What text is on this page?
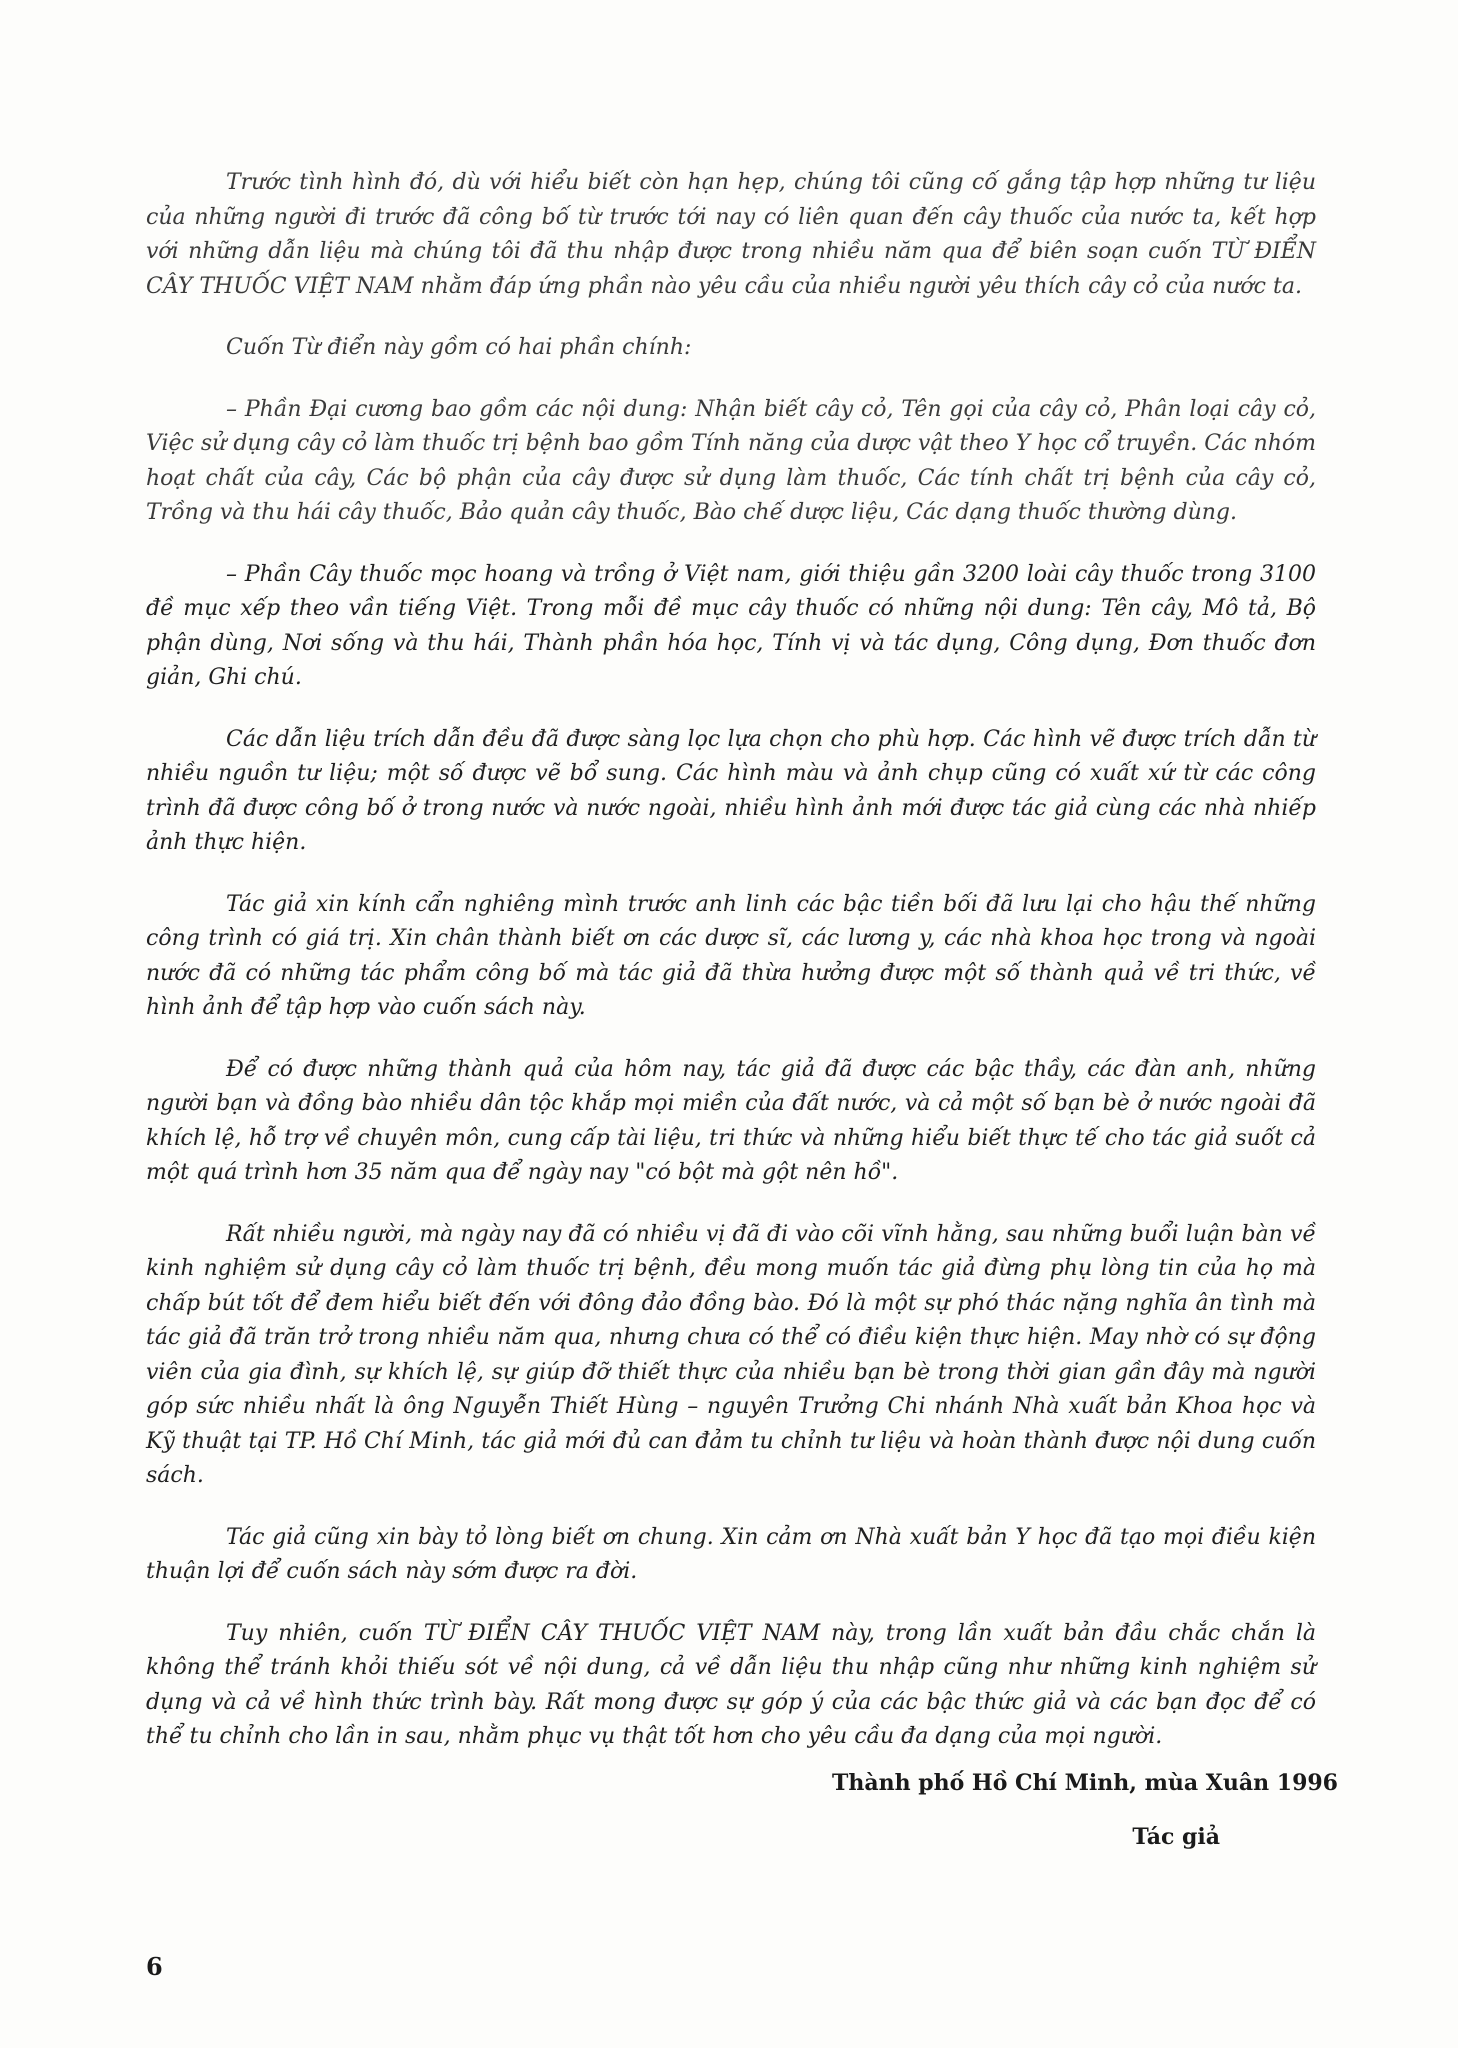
Trước tình hình đó, dù với hiểu biết còn hạn hẹp, chúng tôi cũng cố gắng tập hợp những tư liệu của những người đi trước đã công bố từ trước tới nay có liên quan đến cây thuốc của nước ta, kết hợp với những dẫn liệu mà chúng tôi đã thu nhập được trong nhiều năm qua để biên soạn cuốn TỪ ĐIỂN CÂY THUỐC VIỆT NAM nhằm đáp ứng phần nào yêu cầu của nhiều người yêu thích cây cỏ của nước ta.

Cuốn Từ điển này gồm có hai phần chính:

– Phần Đại cương bao gồm các nội dung: Nhận biết cây cỏ, Tên gọi của cây cỏ, Phân loại cây cỏ, Việc sử dụng cây cỏ làm thuốc trị bệnh bao gồm Tính năng của dược vật theo Y học cổ truyền. Các nhóm hoạt chất của cây, Các bộ phận của cây được sử dụng làm thuốc, Các tính chất trị bệnh của cây cỏ, Trồng và thu hái cây thuốc, Bảo quản cây thuốc, Bào chế dược liệu, Các dạng thuốc thường dùng.

– Phần Cây thuốc mọc hoang và trồng ở Việt nam, giới thiệu gần 3200 loài cây thuốc trong 3100 đề mục xếp theo vần tiếng Việt. Trong mỗi đề mục cây thuốc có những nội dung: Tên cây, Mô tả, Bộ phận dùng, Nơi sống và thu hái, Thành phần hóa học, Tính vị và tác dụng, Công dụng, Đơn thuốc đơn giản, Ghi chú.

Các dẫn liệu trích dẫn đều đã được sàng lọc lựa chọn cho phù hợp. Các hình vẽ được trích dẫn từ nhiều nguồn tư liệu; một số được vẽ bổ sung. Các hình màu và ảnh chụp cũng có xuất xứ từ các công trình đã được công bố ở trong nước và nước ngoài, nhiều hình ảnh mới được tác giả cùng các nhà nhiếp ảnh thực hiện.

Tác giả xin kính cẩn nghiêng mình trước anh linh các bậc tiền bối đã lưu lại cho hậu thế những công trình có giá trị. Xin chân thành biết ơn các dược sĩ, các lương y, các nhà khoa học trong và ngoài nước đã có những tác phẩm công bố mà tác giả đã thừa hưởng được một số thành quả về tri thức, về hình ảnh để tập hợp vào cuốn sách này.

Để có được những thành quả của hôm nay, tác giả đã được các bậc thầy, các đàn anh, những người bạn và đồng bào nhiều dân tộc khắp mọi miền của đất nước, và cả một số bạn bè ở nước ngoài đã khích lệ, hỗ trợ về chuyên môn, cung cấp tài liệu, tri thức và những hiểu biết thực tế cho tác giả suốt cả một quá trình hơn 35 năm qua để ngày nay "có bột mà gột nên hồ".

Rất nhiều người, mà ngày nay đã có nhiều vị đã đi vào cõi vĩnh hằng, sau những buổi luận bàn về kinh nghiệm sử dụng cây cỏ làm thuốc trị bệnh, đều mong muốn tác giả đừng phụ lòng tin của họ mà chấp bút tốt để đem hiểu biết đến với đông đảo đồng bào. Đó là một sự phó thác nặng nghĩa ân tình mà tác giả đã trăn trở trong nhiều năm qua, nhưng chưa có thể có điều kiện thực hiện. May nhờ có sự động viên của gia đình, sự khích lệ, sự giúp đỡ thiết thực của nhiều bạn bè trong thời gian gần đây mà người góp sức nhiều nhất là ông Nguyễn Thiết Hùng – nguyên Trưởng Chi nhánh Nhà xuất bản Khoa học và Kỹ thuật tại TP. Hồ Chí Minh, tác giả mới đủ can đảm tu chỉnh tư liệu và hoàn thành được nội dung cuốn sách.

Tác giả cũng xin bày tỏ lòng biết ơn chung. Xin cảm ơn Nhà xuất bản Y học đã tạo mọi điều kiện thuận lợi để cuốn sách này sớm được ra đời.

Tuy nhiên, cuốn TỪ ĐIỂN CÂY THUỐC VIỆT NAM này, trong lần xuất bản đầu chắc chắn là không thể tránh khỏi thiếu sót về nội dung, cả về dẫn liệu thu nhập cũng như những kinh nghiệm sử dụng và cả về hình thức trình bày. Rất mong được sự góp ý của các bậc thức giả và các bạn đọc để có thể tu chỉnh cho lần in sau, nhằm phục vụ thật tốt hơn cho yêu cầu đa dạng của mọi người.

Thành phố Hồ Chí Minh, mùa Xuân 1996
Tác giả
6
